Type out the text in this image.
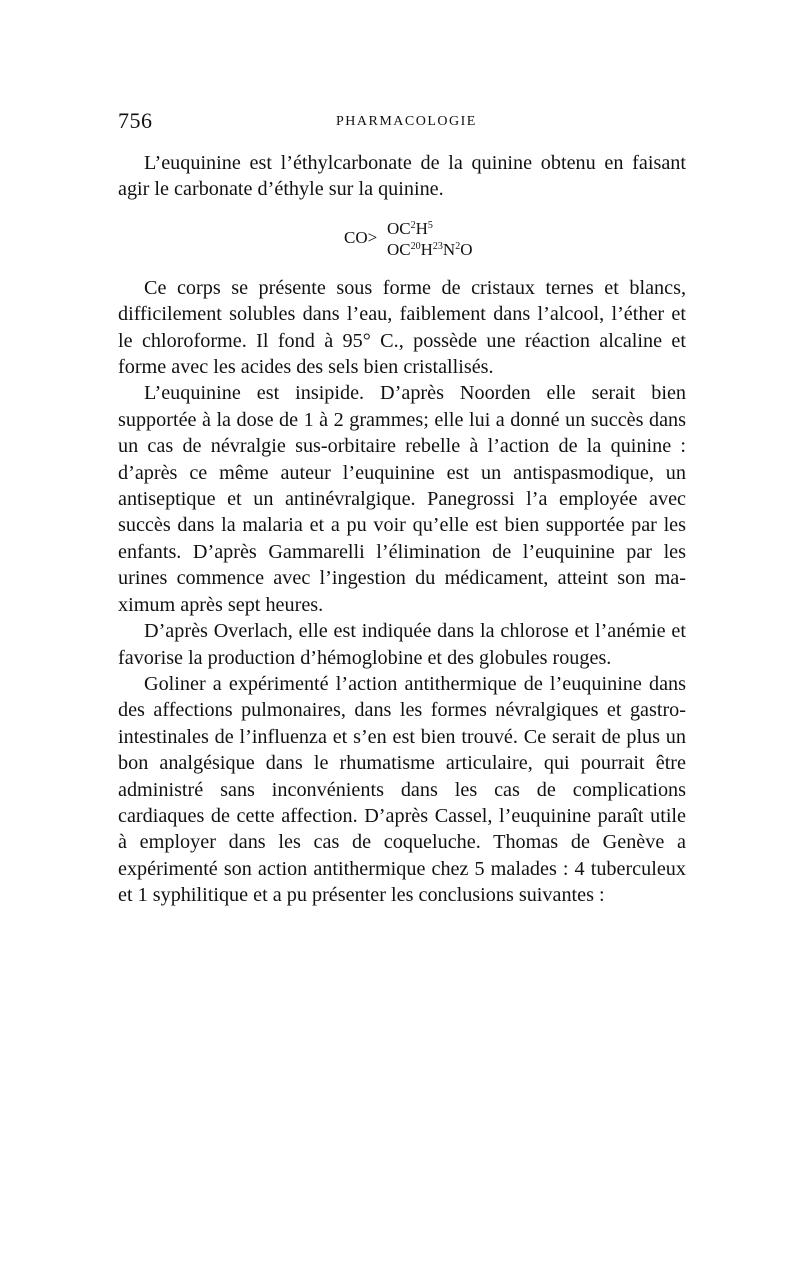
756	PHARMACOLOGIE

L’euquinine est l’éthylcarbonate de la quinine obtenu en faisant agir le carbonate d’éthyle sur la quinine.

$CO> OC^2H^5$
$OC^{20}H^{23}N^2O$

Ce corps se présente sous forme de cristaux ternes et blancs, difficilement solubles dans l’eau, faiblement dans l’alcool, l’éther et le chloroforme. Il fond à 95° C., possède une réaction alcaline et forme avec les acides des sels bien cristallisés.

L’euquinine est insipide. D’après Noorden elle serait bien supportée à la dose de 1 à 2 grammes; elle lui a donné un succès dans un cas de névralgie sus-orbitaire rebelle à l’action de la quinine : d’après ce même auteur l’euquinine est un antispasmodique, un antiseptique et un antinévralgique. Panegrossi l’a employée avec succès dans la malaria et a pu voir qu’elle est bien supportée par les enfants. D’après Gammarelli l’élimination de l’euquinine par les urines commence avec l’ingestion du médicament, atteint son maximum après sept heures.

D’après Overlach, elle est indiquée dans la chlorose et l’anémie et favorise la production d’hémoglobine et des globules rouges.

Goliner a expérimenté l’action antithermique de l’euquinine dans des affections pulmonaires, dans les formes névralgiques et gastro-intestinales de l’influenza et s’en est bien trouvé. Ce serait de plus un bon analgésique dans le rhumatisme articulaire, qui pourrait être administré sans inconvénients dans les cas de complications cardiaques de cette affection. D’après Cassel, l’euquinine paraît utile à employer dans les cas de coqueluche. Thomas de Genève a expérimenté son action antithermique chez 5 malades : 4 tuberculeux et 1 syphilitique et a pu présenter les conclusions suivantes :
